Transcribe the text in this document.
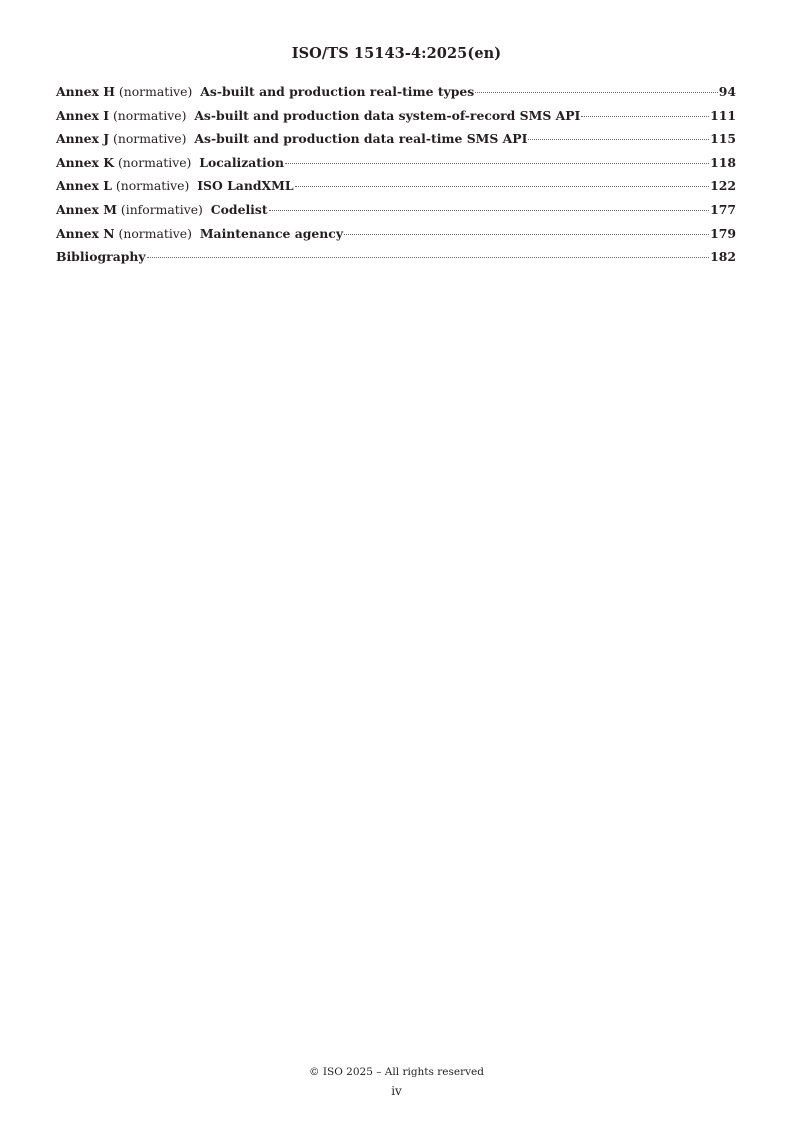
ISO/TS 15143-4:2025(en)
Annex H (normative) As-built and production real-time types	94
Annex I (normative) As-built and production data system-of-record SMS API	111
Annex J (normative) As-built and production data real-time SMS API	115
Annex K (normative) Localization	118
Annex L (normative) ISO LandXML	122
Annex M (informative) Codelist	177
Annex N (normative) Maintenance agency	179
Bibliography	182
© ISO 2025 – All rights reserved
iv
